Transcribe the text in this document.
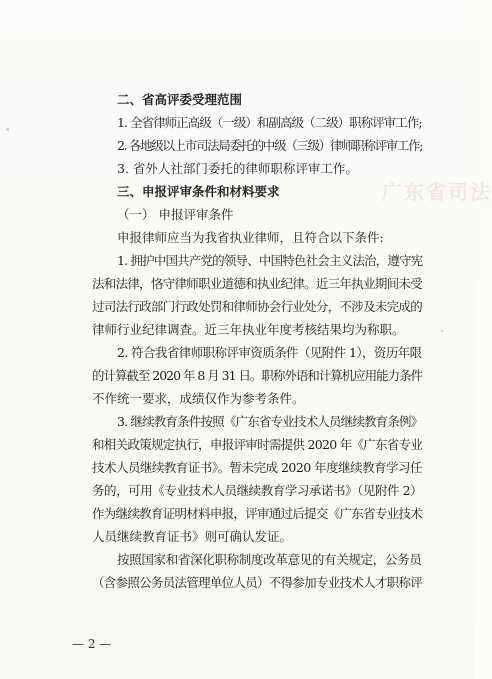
广东省司法
二、省高评委受理范围
1. 全省律师正高级（一级）和副高级（二级）职称评审工作;
2. 各地级以上市司法局委托的中级（三级）律师职称评审工作;
3. 省外人社部门委托的律师职称评审工作。
三、申报评审条件和材料要求
（一） 申报评审条件
申报律师应当为我省执业律师，且符合以下条件:
1. 拥护中国共产党的领导、中国特色社会主义法治，遵守宪
法和法律，恪守律师职业道德和执业纪律。近三年执业期间未受
过司法行政部门行政处罚和律师协会行业处分，不涉及未完成的
律师行业纪律调查。近三年执业年度考核结果均为称职。
2. 符合我省律师职称评审资质条件（见附件 1），资历年限
的计算截至 2020 年 8 月 31 日。职称外语和计算机应用能力条件
不作统一要求，成绩仅作为参考条件。
3. 继续教育条件按照《广东省专业技术人员继续教育条例》
和相关政策规定执行，申报评审时需提供 2020 年《广东省专业
技术人员继续教育证书》。暂未完成 2020 年度继续教育学习任
务的，可用《专业技术人员继续教育学习承诺书》（见附件 2）
作为继续教育证明材料申报，评审通过后提交《广东省专业技术
人员继续教育证书》则可确认发证。
按照国家和省深化职称制度改革意见的有关规定，公务员
（含参照公务员法管理单位人员）不得参加专业技术人才职称评
— 2 —
